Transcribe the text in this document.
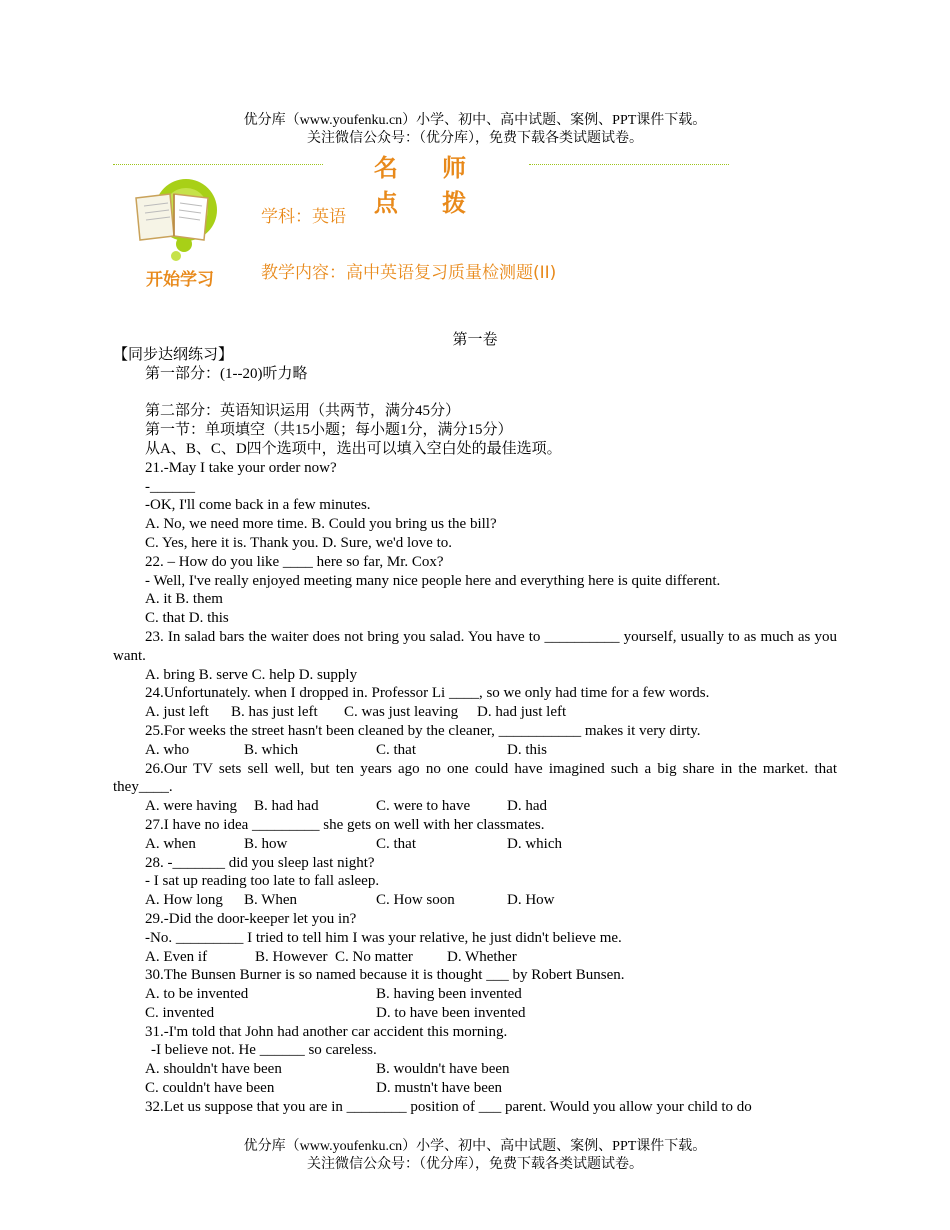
优分库（www.youfenku.cn）小学、初中、高中试题、案例、PPT课件下载。
关注微信公众号：（优分库），免费下载各类试题试卷。
名 师 点 拨
开始学习
学科：英语
教学内容：高中英语复习质量检测题(II)
第一卷
【同步达纲练习】
第一部分：(1--20)听力略
第二部分：英语知识运用（共两节，满分45分）
第一节：单项填空（共15小题；每小题1分，满分15分）
从A、B、C、D四个选项中，选出可以填入空白处的最佳选项。
21.-May I take your order now?
-______
-OK, I'll come back in a few minutes.
A. No, we need more time. B. Could you bring us the bill?
C. Yes, here it is. Thank you. D. Sure, we'd love to.
22. – How do you like ____ here so far, Mr. Cox?
- Well, I've really enjoyed meeting many nice people here and everything here is quite different.
A. it B. them
C. that D. this
23. In salad bars the waiter does not bring you salad. You have to __________ yourself, usually to as much as you want.
A. bring B. serve C. help D. supply
24.Unfortunately. when I dropped in. Professor Li ____, so we only had time for a few words.
A. just left B. has just left C. was just leaving D. had just left
25.For weeks the street hasn't been cleaned by the cleaner, ___________ makes it very dirty.
A. who	B. which	C. that	D. this
26.Our TV sets sell well, but ten years ago no one could have imagined such a big share in the market. that they____.
A. were having B. had had	C. were to have D. had
27.I have no idea _________ she gets on well with her classmates.
A. when	B. how	C. that	D. which
28. -_______ did you sleep last night?
- I sat up reading too late to fall asleep.
A. How long B. When	C. How soon	D. How
29.-Did the door-keeper let you in?
-No. _________ I tried to tell him I was your relative, he just didn't believe me.
A. Even if	B. However C. No matter D. Whether
30.The Bunsen Burner is so named because it is thought ___ by Robert Bunsen.
A. to be invented	B. having been invented
C. invented	D. to have been invented
31.-I'm told that John had another car accident this morning.
-I believe not. He ______ so careless.
A. shouldn't have been	B. wouldn't have been
C. couldn't have been	D. mustn't have been
32.Let us suppose that you are in ________ position of ___ parent. Would you allow your child to do
优分库（www.youfenku.cn）小学、初中、高中试题、案例、PPT课件下载。
关注微信公众号：（优分库），免费下载各类试题试卷。
